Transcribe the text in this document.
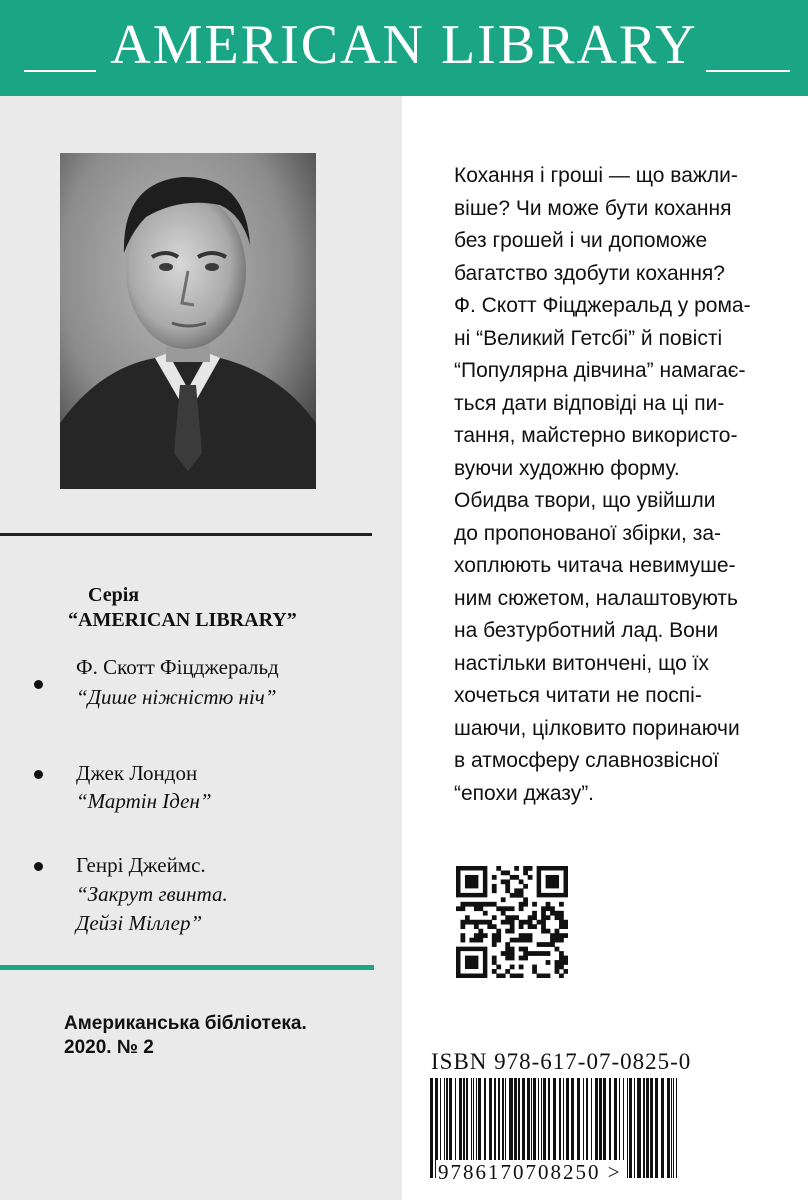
AMERICAN LIBRARY
Серія
“AMERICAN LIBRARY”
Ф. Скотт Фіцджеральд
“Дише ніжністю ніч”
Джек Лондон
“Мартін Іден”
Генрі Джеймс.
“Закрут гвинта.
Дейзі Міллер”
Американська бібліотека.
2020. № 2

Кохання і гроші — що важли-
віше? Чи може бути кохання
без грошей і чи допоможе
багатство здобути кохання?
Ф. Скотт Фіцджеральд у рома-
ні “Великий Гетсбі” й повісті
“Популярна дівчина” намагає-
ться дати відповіді на ці пи-
тання, майстерно використо-
вуючи художню форму.
Обидва твори, що увійшли
до пропонованої збірки, за-
хоплюють читача невимуше-
ним сюжетом, налаштовують
на безтурботний лад. Вони
настільки витончені, що їх
хочеться читати не поспі-
шаючи, цілковито поринаючи
в атмосферу славнозвісної
“епохи джазу”.

ISBN 978-617-07-0825-0
9786170708250 >
